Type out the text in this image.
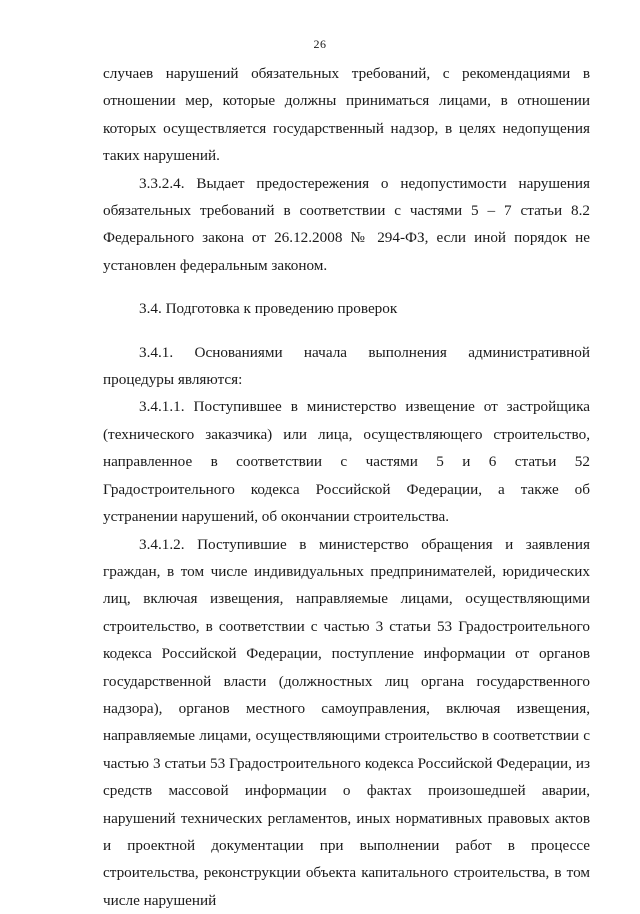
26

случаев нарушений обязательных требований, с рекомендациями в отношении мер, которые должны приниматься лицами, в отношении которых осуществляется государственный надзор, в целях недопущения таких нарушений.

3.3.2.4. Выдает предостережения о недопустимости нарушения обязательных требований в соответствии с частями 5 – 7 статьи 8.2 Федерального закона от 26.12.2008 № 294-ФЗ, если иной порядок не установлен федеральным законом.

3.4. Подготовка к проведению проверок

3.4.1. Основаниями начала выполнения административной процедуры являются:

3.4.1.1. Поступившее в министерство извещение от застройщика (технического заказчика) или лица, осуществляющего строительство, направленное в соответствии с частями 5 и 6 статьи 52 Градостроительного кодекса Российской Федерации, а также об устранении нарушений, об окончании строительства.

3.4.1.2. Поступившие в министерство обращения и заявления граждан, в том числе индивидуальных предпринимателей, юридических лиц, включая извещения, направляемые лицами, осуществляющими строительство, в соответствии с частью 3 статьи 53 Градостроительного кодекса Российской Федерации, поступление информации от органов государственной власти (должностных лиц органа государственного надзора), органов местного самоуправления, включая извещения, направляемые лицами, осуществляющими строительство в соответствии с частью 3 статьи 53 Градостроительного кодекса Российской Федерации, из средств массовой информации о фактах произошедшей аварии, нарушений технических регламентов, иных нормативных правовых актов и проектной документации при выполнении работ в процессе строительства, реконструкции объекта капитального строительства, в том числе нарушений
